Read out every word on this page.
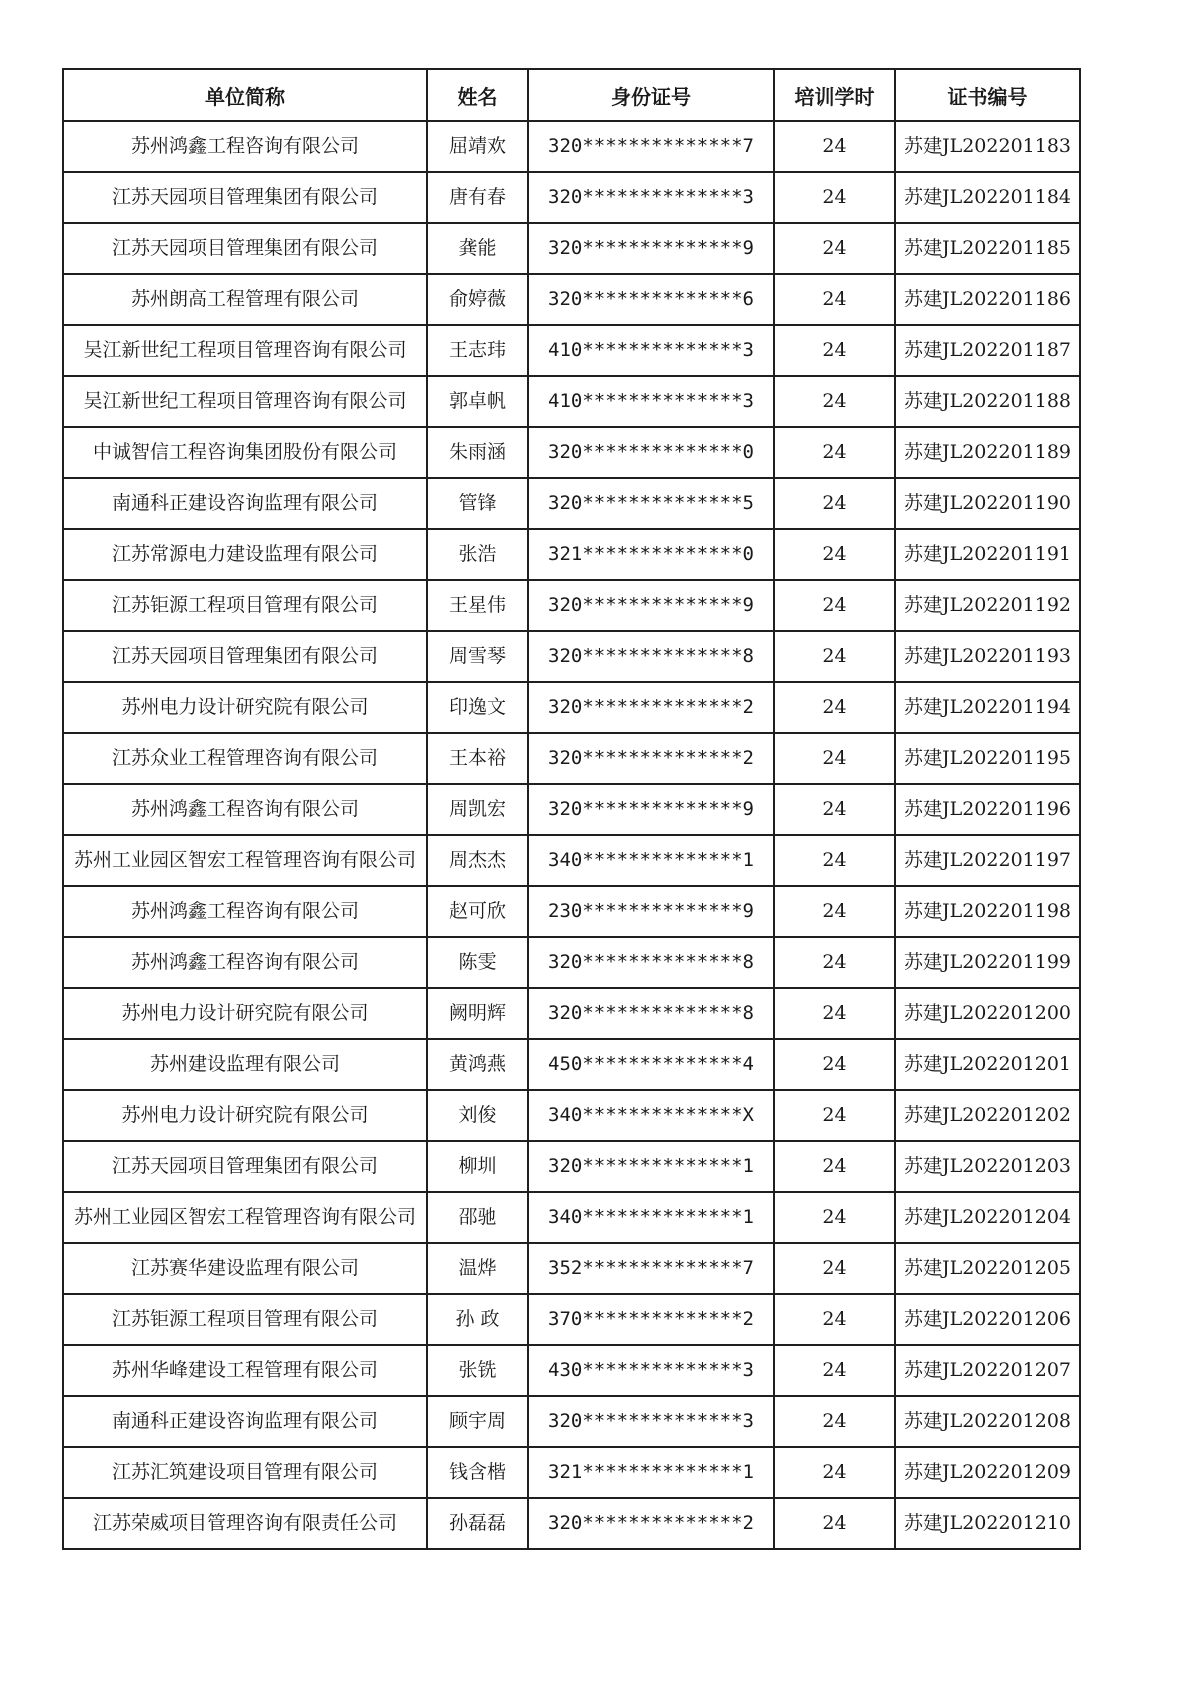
单位简称	姓名	身份证号	培训学时	证书编号
苏州鸿鑫工程咨询有限公司	屈靖欢	320**************7	24	苏建JL202201183
江苏天园项目管理集团有限公司	唐有春	320**************3	24	苏建JL202201184
江苏天园项目管理集团有限公司	龚能	320**************9	24	苏建JL202201185
苏州朗高工程管理有限公司	俞婷薇	320**************6	24	苏建JL202201186
吴江新世纪工程项目管理咨询有限公司	王志玮	410**************3	24	苏建JL202201187
吴江新世纪工程项目管理咨询有限公司	郭卓帆	410**************3	24	苏建JL202201188
中诚智信工程咨询集团股份有限公司	朱雨涵	320**************0	24	苏建JL202201189
南通科正建设咨询监理有限公司	管锋	320**************5	24	苏建JL202201190
江苏常源电力建设监理有限公司	张浩	321**************0	24	苏建JL202201191
江苏钜源工程项目管理有限公司	王星伟	320**************9	24	苏建JL202201192
江苏天园项目管理集团有限公司	周雪琴	320**************8	24	苏建JL202201193
苏州电力设计研究院有限公司	印逸文	320**************2	24	苏建JL202201194
江苏众业工程管理咨询有限公司	王本裕	320**************2	24	苏建JL202201195
苏州鸿鑫工程咨询有限公司	周凯宏	320**************9	24	苏建JL202201196
苏州工业园区智宏工程管理咨询有限公司	周杰杰	340**************1	24	苏建JL202201197
苏州鸿鑫工程咨询有限公司	赵可欣	230**************9	24	苏建JL202201198
苏州鸿鑫工程咨询有限公司	陈雯	320**************8	24	苏建JL202201199
苏州电力设计研究院有限公司	阙明辉	320**************8	24	苏建JL202201200
苏州建设监理有限公司	黄鸿燕	450**************4	24	苏建JL202201201
苏州电力设计研究院有限公司	刘俊	340**************X	24	苏建JL202201202
江苏天园项目管理集团有限公司	柳圳	320**************1	24	苏建JL202201203
苏州工业园区智宏工程管理咨询有限公司	邵驰	340**************1	24	苏建JL202201204
江苏赛华建设监理有限公司	温烨	352**************7	24	苏建JL202201205
江苏钜源工程项目管理有限公司	孙 政	370**************2	24	苏建JL202201206
苏州华峰建设工程管理有限公司	张铣	430**************3	24	苏建JL202201207
南通科正建设咨询监理有限公司	顾宇周	320**************3	24	苏建JL202201208
江苏汇筑建设项目管理有限公司	钱含楷	321**************1	24	苏建JL202201209
江苏荣威项目管理咨询有限责任公司	孙磊磊	320**************2	24	苏建JL202201210
